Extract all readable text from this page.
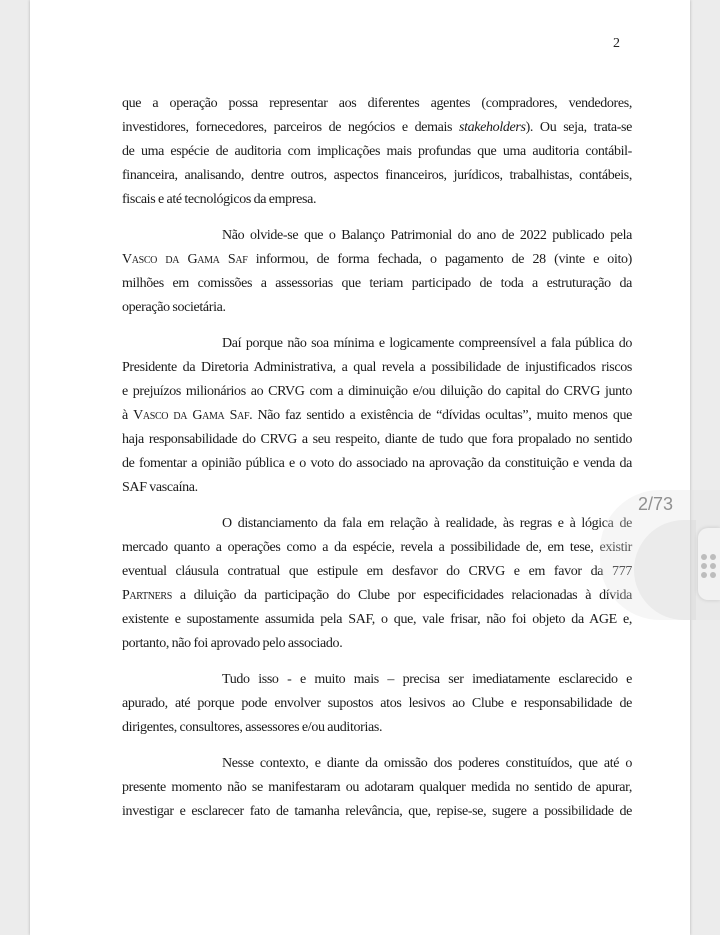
2
que a operação possa representar aos diferentes agentes (compradores, vendedores,
investidores, fornecedores, parceiros de negócios e demais stakeholders). Ou seja, trata-se
de uma espécie de auditoria com implicações mais profundas que uma auditoria contábil-
financeira, analisando, dentre outros, aspectos financeiros, jurídicos, trabalhistas, contábeis,
fiscais e até tecnológicos da empresa.
Não olvide-se que o Balanço Patrimonial do ano de 2022 publicado pela
Vasco da Gama Saf informou, de forma fechada, o pagamento de 28 (vinte e oito)
milhões em comissões a assessorias que teriam participado de toda a estruturação da
operação societária.
Daí porque não soa mínima e logicamente compreensível a fala pública do
Presidente da Diretoria Administrativa, a qual revela a possibilidade de injustificados riscos
e prejuízos milionários ao CRVG com a diminuição e/ou diluição do capital do CRVG junto
à Vasco da Gama Saf. Não faz sentido a existência de “dívidas ocultas”, muito menos que
haja responsabilidade do CRVG a seu respeito, diante de tudo que fora propalado no sentido
de fomentar a opinião pública e o voto do associado na aprovação da constituição e venda da
SAF vascaína.
O distanciamento da fala em relação à realidade, às regras e à lógica de
mercado quanto a operações como a da espécie, revela a possibilidade de, em tese, existir
eventual cláusula contratual que estipule em desfavor do CRVG e em favor da 777
Partners a diluição da participação do Clube por especificidades relacionadas à dívida
existente e supostamente assumida pela SAF, o que, vale frisar, não foi objeto da AGE e,
portanto, não foi aprovado pelo associado.
Tudo isso - e muito mais – precisa ser imediatamente esclarecido e
apurado, até porque pode envolver supostos atos lesivos ao Clube e responsabilidade de
dirigentes, consultores, assessores e/ou auditorias.
Nesse contexto, e diante da omissão dos poderes constituídos, que até o
presente momento não se manifestaram ou adotaram qualquer medida no sentido de apurar,
investigar e esclarecer fato de tamanha relevância, que, repise-se, sugere a possibilidade de
2/73
